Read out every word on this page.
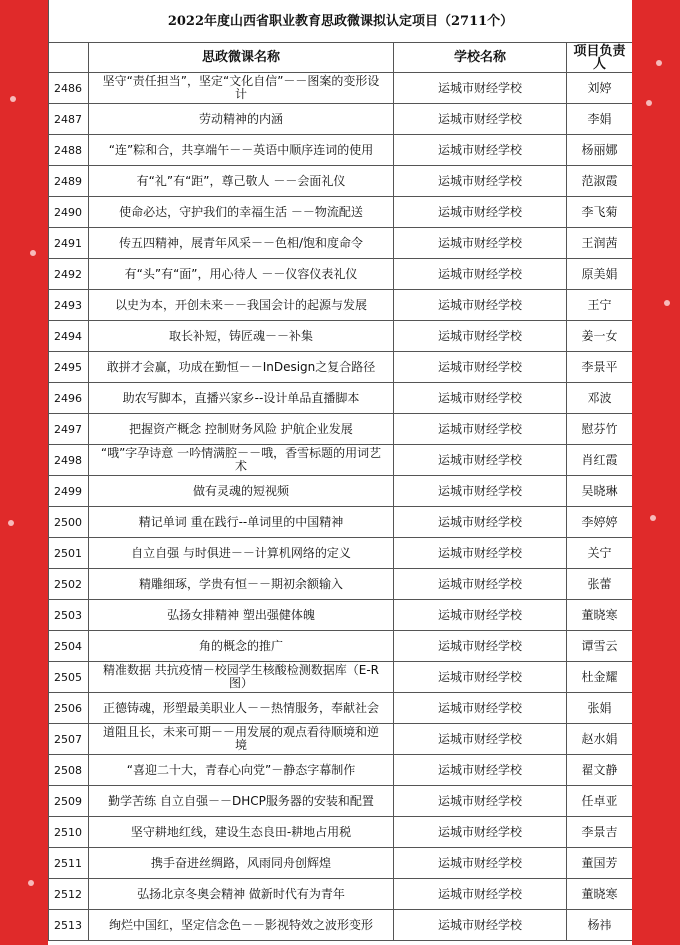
2022年度山西省职业教育思政微课拟认定项目（2711个）			
	思政微课名称	学校名称	项目负责人
2486	坚守“责任担当”，坚定“文化自信”－－图案的变形设计	运城市财经学校	刘婷
2487	劳动精神的内涵	运城市财经学校	李娟
2488	“连”粽和合，共享端午－－英语中顺序连词的使用	运城市财经学校	杨丽娜
2489	有“礼”有“距”，尊己敬人 －－会面礼仪	运城市财经学校	范淑霞
2490	使命必达，守护我们的幸福生活 －－物流配送	运城市财经学校	李飞菊
2491	传五四精神，展青年风采－－色相/饱和度命令	运城市财经学校	王润茜
2492	有“头”有“面”，用心待人 －－仪容仪表礼仪	运城市财经学校	原美娟
2493	以史为本，开创未来－－我国会计的起源与发展	运城市财经学校	王宁
2494	取长补短，铸匠魂－－补集	运城市财经学校	姜一女
2495	敢拼才会赢，功成在勤恒－－InDesign之复合路径	运城市财经学校	李景平
2496	助农写脚本，直播兴家乡--设计单品直播脚本	运城市财经学校	邓波
2497	把握资产概念 控制财务风险 护航企业发展	运城市财经学校	慰芬竹
2498	“哦”字孕诗意 一吟情满腔－－哦，香雪标题的用词艺术	运城市财经学校	肖红霞
2499	做有灵魂的短视频	运城市财经学校	吴晓琳
2500	精记单词 重在践行--单词里的中国精神	运城市财经学校	李婷婷
2501	自立自强 与时俱进－－计算机网络的定义	运城市财经学校	关宁
2502	精雕细琢，学贵有恒－－期初余额输入	运城市财经学校	张蕾
2503	弘扬女排精神 塑出强健体魄	运城市财经学校	董晓寒
2504	角的概念的推广	运城市财经学校	谭雪云
2505	精准数据 共抗疫情－校园学生核酸检测数据库（E-R图）	运城市财经学校	杜金耀
2506	正德铸魂，形塑最美职业人－－热情服务，奉献社会	运城市财经学校	张娟
2507	道阻且长，未来可期－－用发展的观点看待顺境和逆境	运城市财经学校	赵水娟
2508	“喜迎二十大，青春心向党”－静态字幕制作	运城市财经学校	翟文静
2509	勤学苦练 自立自强－－DHCP服务器的安装和配置	运城市财经学校	任卓亚
2510	坚守耕地红线，建设生态良田-耕地占用税	运城市财经学校	李景吉
2511	携手奋进丝绸路，风雨同舟创辉煌	运城市财经学校	董国芳
2512	弘扬北京冬奥会精神 做新时代有为青年	运城市财经学校	董晓寒
2513	绚烂中国红，坚定信念色－－影视特效之波形变形	运城市财经学校	杨祎
